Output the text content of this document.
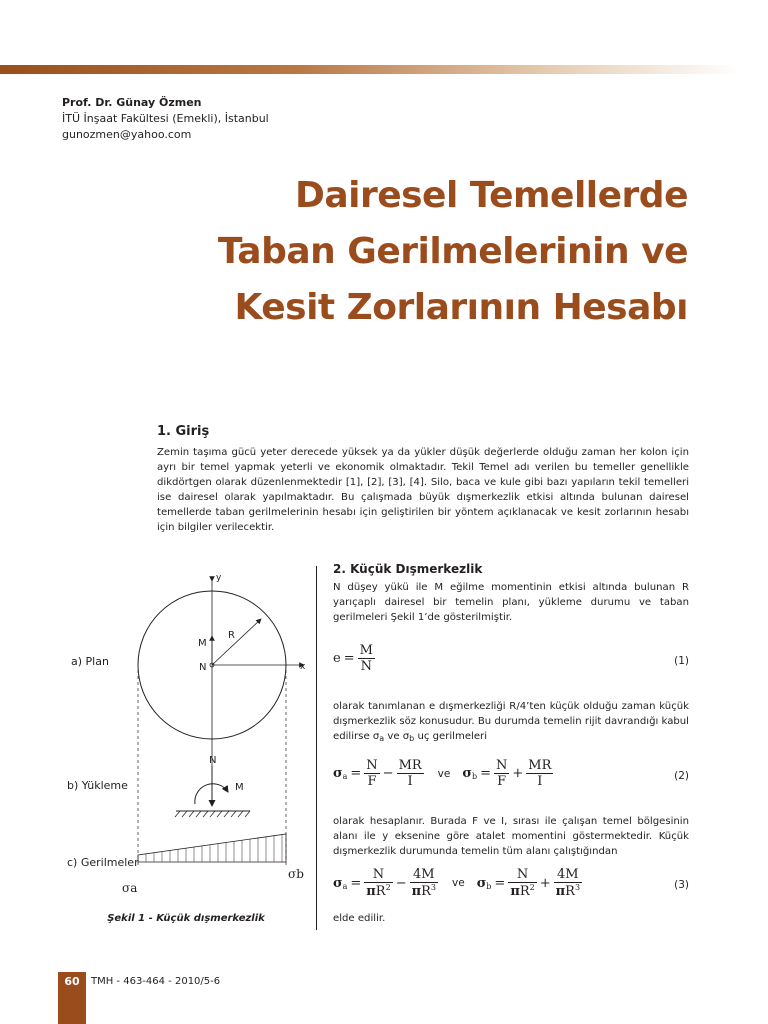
Prof. Dr. Günay Özmen
İTÜ İnşaat Fakültesi (Emekli), İstanbul
gunozmen@yahoo.com
Dairesel Temellerde
Taban Gerilmelerinin ve
Kesit Zorlarının Hesabı
1. Giriş
Zemin taşıma gücü yeter derecede yüksek ya da yükler düşük değerlerde olduğu zaman her kolon için ayrı bir temel yapmak yeterli ve ekonomik olmaktadır. Tekil Temel adı verilen bu temeller genellikle dikdörtgen olarak düzenlenmektedir [1], [2], [3], [4]. Silo, baca ve kule gibi bazı yapıların tekil temelleri ise dairesel olarak yapılmaktadır. Bu çalışmada büyük dışmerkezlik etkisi altında bulunan dairesel temellerde taban gerilmelerinin hesabı için geliştirilen bir yöntem açıklanacak ve kesit zorlarının hesabı için bilgiler verilecektir.
y
x
R
M
N
a) Plan
N
M
b) Yükleme
c) Gerilmeler
σa
σb
Şekil 1 - Küçük dışmerkezlik
2. Küçük Dışmerkezlik

N düşey yükü ile M eğilme momentinin etkisi altında bulunan R yarıçaplı dairesel bir temelin planı, yükleme durumu ve taban gerilmeleri Şekil 1’de gösterilmiştir.

$e = \frac{M}{N}$	(1)

olarak tanımlanan e dışmerkezliği R/4’ten küçük olduğu zaman küçük dışmerkezlik söz konusudur. Bu durumda temelin rijit davrandığı kabul edilirse $\sigma_a$ ve $\sigma_b$ uç gerilmeleri

$\sigma_a = \frac{N}{F} - \frac{MR}{I}$ ve $\sigma_b = \frac{N}{F} + \frac{MR}{I}$	(2)

olarak hesaplanır. Burada F ve I, sırası ile çalışan temel bölgesinin alanı ile y eksenine göre atalet momentini göstermektedir. Küçük dışmerkezlik durumunda temelin tüm alanı çalıştığından

$\sigma_a = \frac{N}{\pi R^2} - \frac{4M}{\pi R^3}$ ve $\sigma_b = \frac{N}{\pi R^2} + \frac{4M}{\pi R^3}$	(3)

elde edilir.

60	TMH - 463-464 - 2010/5-6
